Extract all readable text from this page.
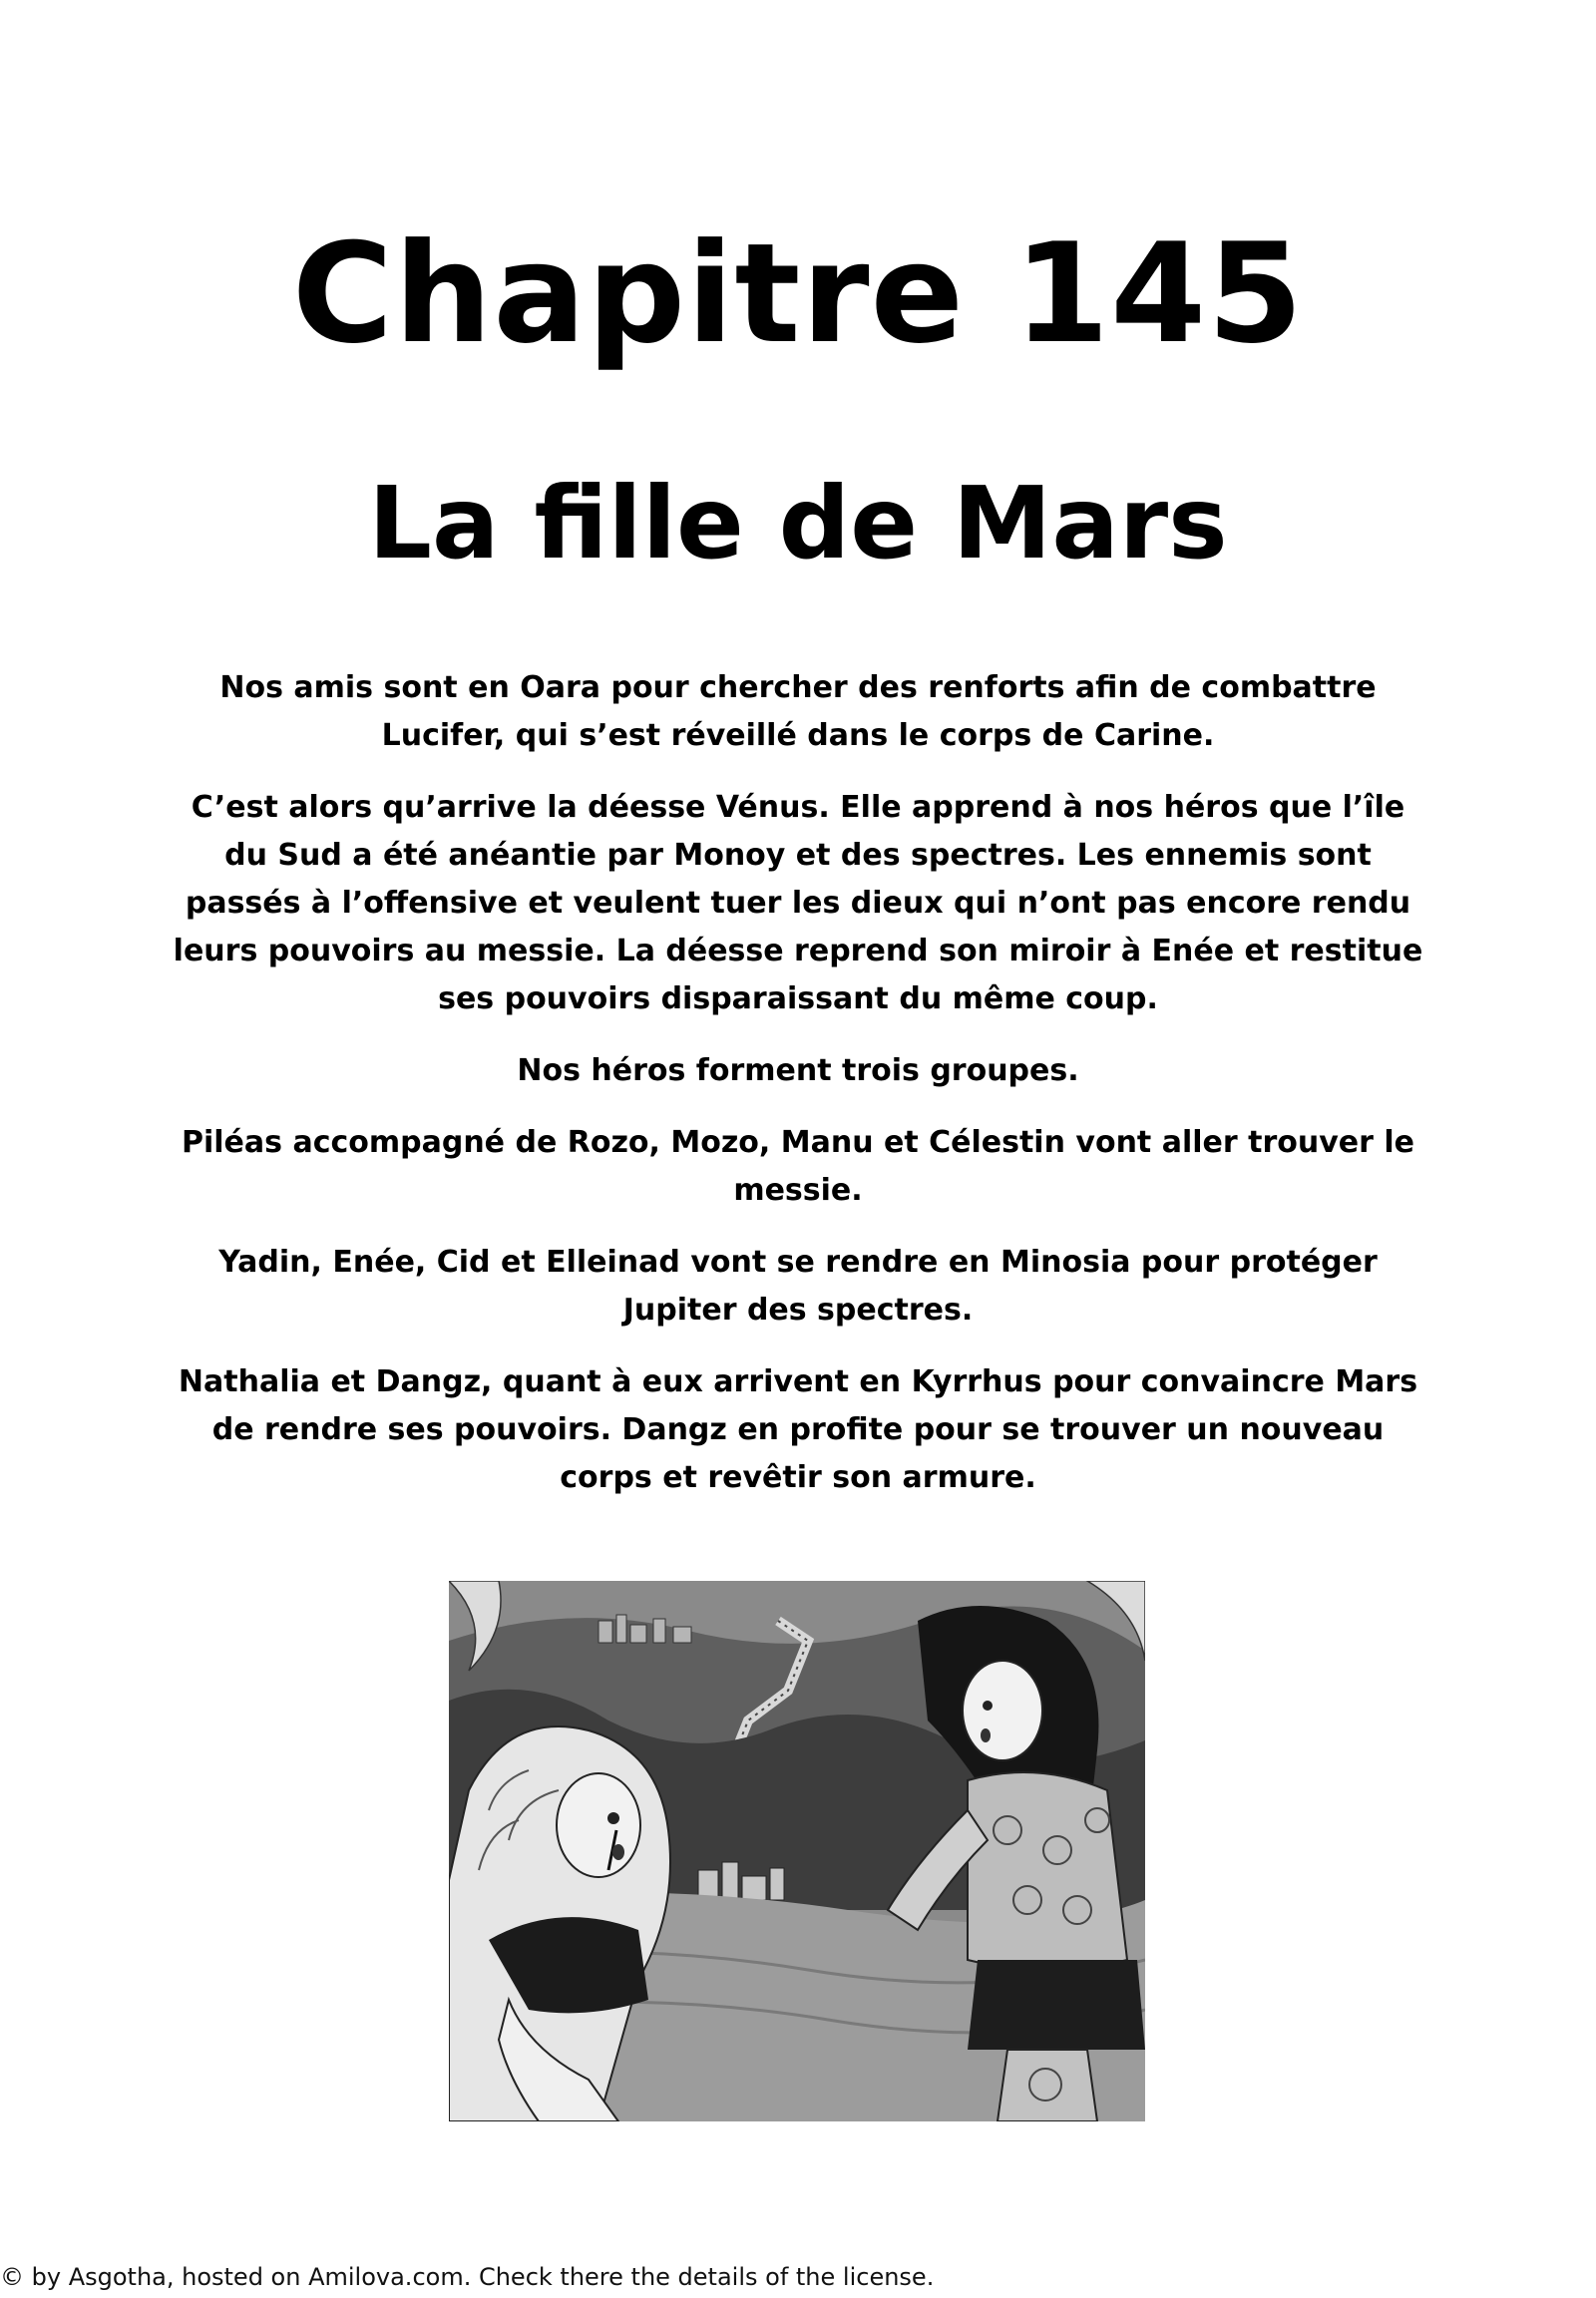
Chapitre 145
La fille de Mars

Nos amis sont en Oara pour chercher des renforts afin de combattre Lucifer, qui s’est réveillé dans le corps de Carine.

C’est alors qu’arrive la déesse Vénus. Elle apprend à nos héros que l’île du Sud a été anéantie par Monoy et des spectres. Les ennemis sont passés à l’offensive et veulent tuer les dieux qui n’ont pas encore rendu leurs pouvoirs au messie. La déesse reprend son miroir à Enée et restitue ses pouvoirs disparaissant du même coup.

Nos héros forment trois groupes.

Piléas accompagné de Rozo, Mozo, Manu et Célestin vont aller trouver le messie.

Yadin, Enée, Cid et Elleinad vont se rendre en Minosia pour protéger Jupiter des spectres.

Nathalia et Dangz, quant à eux arrivent en Kyrrhus pour convaincre Mars de rendre ses pouvoirs. Dangz en profite pour se trouver un nouveau corps et revêtir son armure.

© by Asgotha, hosted on Amilova.com. Check there the details of the license.
